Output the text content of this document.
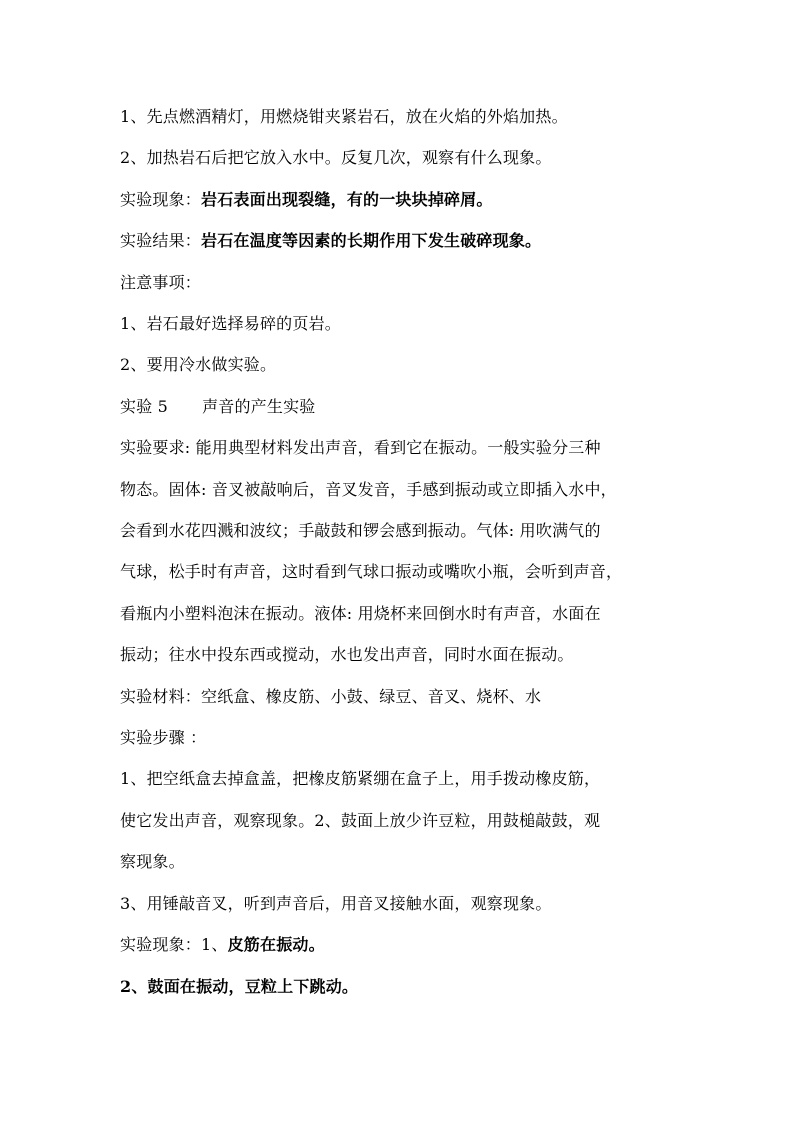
1、先点燃酒精灯，用燃烧钳夹紧岩石，放在火焰的外焰加热。
2、加热岩石后把它放入水中。反复几次，观察有什么现象。
实验现象：岩石表面出现裂缝，有的一块块掉碎屑。
实验结果：岩石在温度等因素的长期作用下发生破碎现象。
注意事项：
1、岩石最好选择易碎的页岩。
2、要用冷水做实验。
实验 5 声音的产生实验
实验要求: 能用典型材料发出声音，看到它在振动。一般实验分三种
物态。固体: 音叉被敲响后，音叉发音，手感到振动或立即插入水中，
会看到水花四溅和波纹；手敲鼓和锣会感到振动。气体: 用吹满气的
气球，松手时有声音，这时看到气球口振动或嘴吹小瓶，会听到声音，
看瓶内小塑料泡沫在振动。液体: 用烧杯来回倒水时有声音，水面在
振动；往水中投东西或搅动，水也发出声音，同时水面在振动。
实验材料：空纸盒、橡皮筋、小鼓、绿豆、音叉、烧杯、水
实验步骤 ：
1、把空纸盒去掉盒盖，把橡皮筋紧绷在盒子上，用手拨动橡皮筋，
使它发出声音，观察现象。2、鼓面上放少许豆粒，用鼓槌敲鼓，观
察现象。
3、用锤敲音叉，听到声音后，用音叉接触水面，观察现象。
实验现象：1、皮筋在振动。
2、鼓面在振动，豆粒上下跳动。
